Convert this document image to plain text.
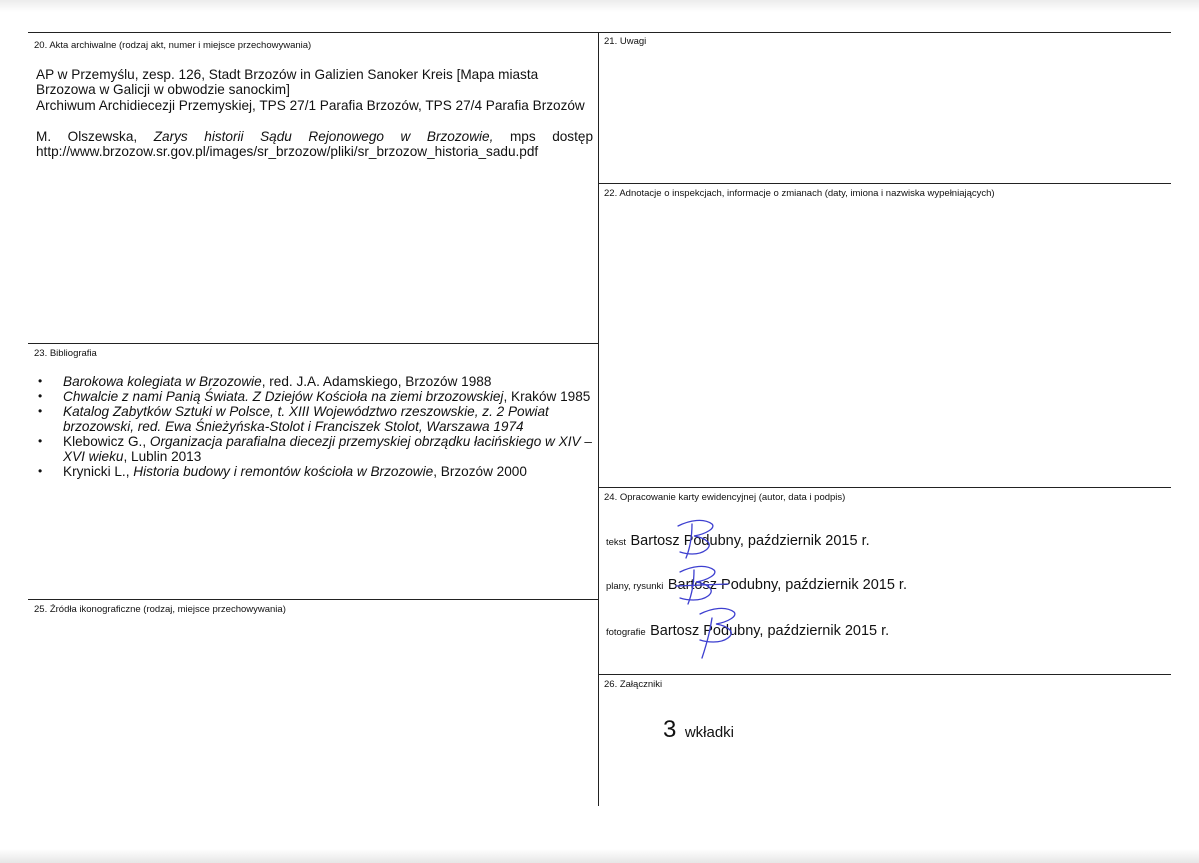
20. Akta archiwalne (rodzaj akt, numer i miejsce przechowywania)
AP w Przemyślu, zesp. 126, Stadt Brzozów in Galizien Sanoker Kreis [Mapa miasta Brzozowa w Galicji w obwodzie sanockim]
Archiwum Archidiecezji Przemyskiej, TPS 27/1 Parafia Brzozów, TPS 27/4 Parafia Brzozów
M. Olszewska, Zarys historii Sądu Rejonowego w Brzozowie, mps dostęp http://www.brzozow.sr.gov.pl/images/sr_brzozow/pliki/sr_brzozow_historia_sadu.pdf
21. Uwagi
22. Adnotacje o inspekcjach, informacje o zmianach (daty, imiona i nazwiska wypełniających)
23. Bibliografia
• Barokowa kolegiata w Brzozowie, red. J.A. Adamskiego, Brzozów 1988
• Chwalcie z nami Panią Świata. Z Dziejów Kościoła na ziemi brzozowskiej, Kraków 1985
• Katalog Zabytków Sztuki w Polsce, t. XIII Województwo rzeszowskie, z. 2 Powiat brzozowski, red. Ewa Śnieżyńska-Stolot i Franciszek Stolot, Warszawa 1974
• Klebowicz G., Organizacja parafialna diecezji przemyskiej obrządku łacińskiego w XIV – XVI wieku, Lublin 2013
• Krynicki L., Historia budowy i remontów kościoła w Brzozowie, Brzozów 2000
24. Opracowanie karty ewidencyjnej (autor, data i podpis)
tekst Bartosz Podubny, październik 2015 r.
plany, rysunki Bartosz Podubny, październik 2015 r.
fotografie Bartosz Podubny, październik 2015 r.
25. Źródła ikonograficzne (rodzaj, miejsce przechowywania)
26. Załączniki
3 wkładki
